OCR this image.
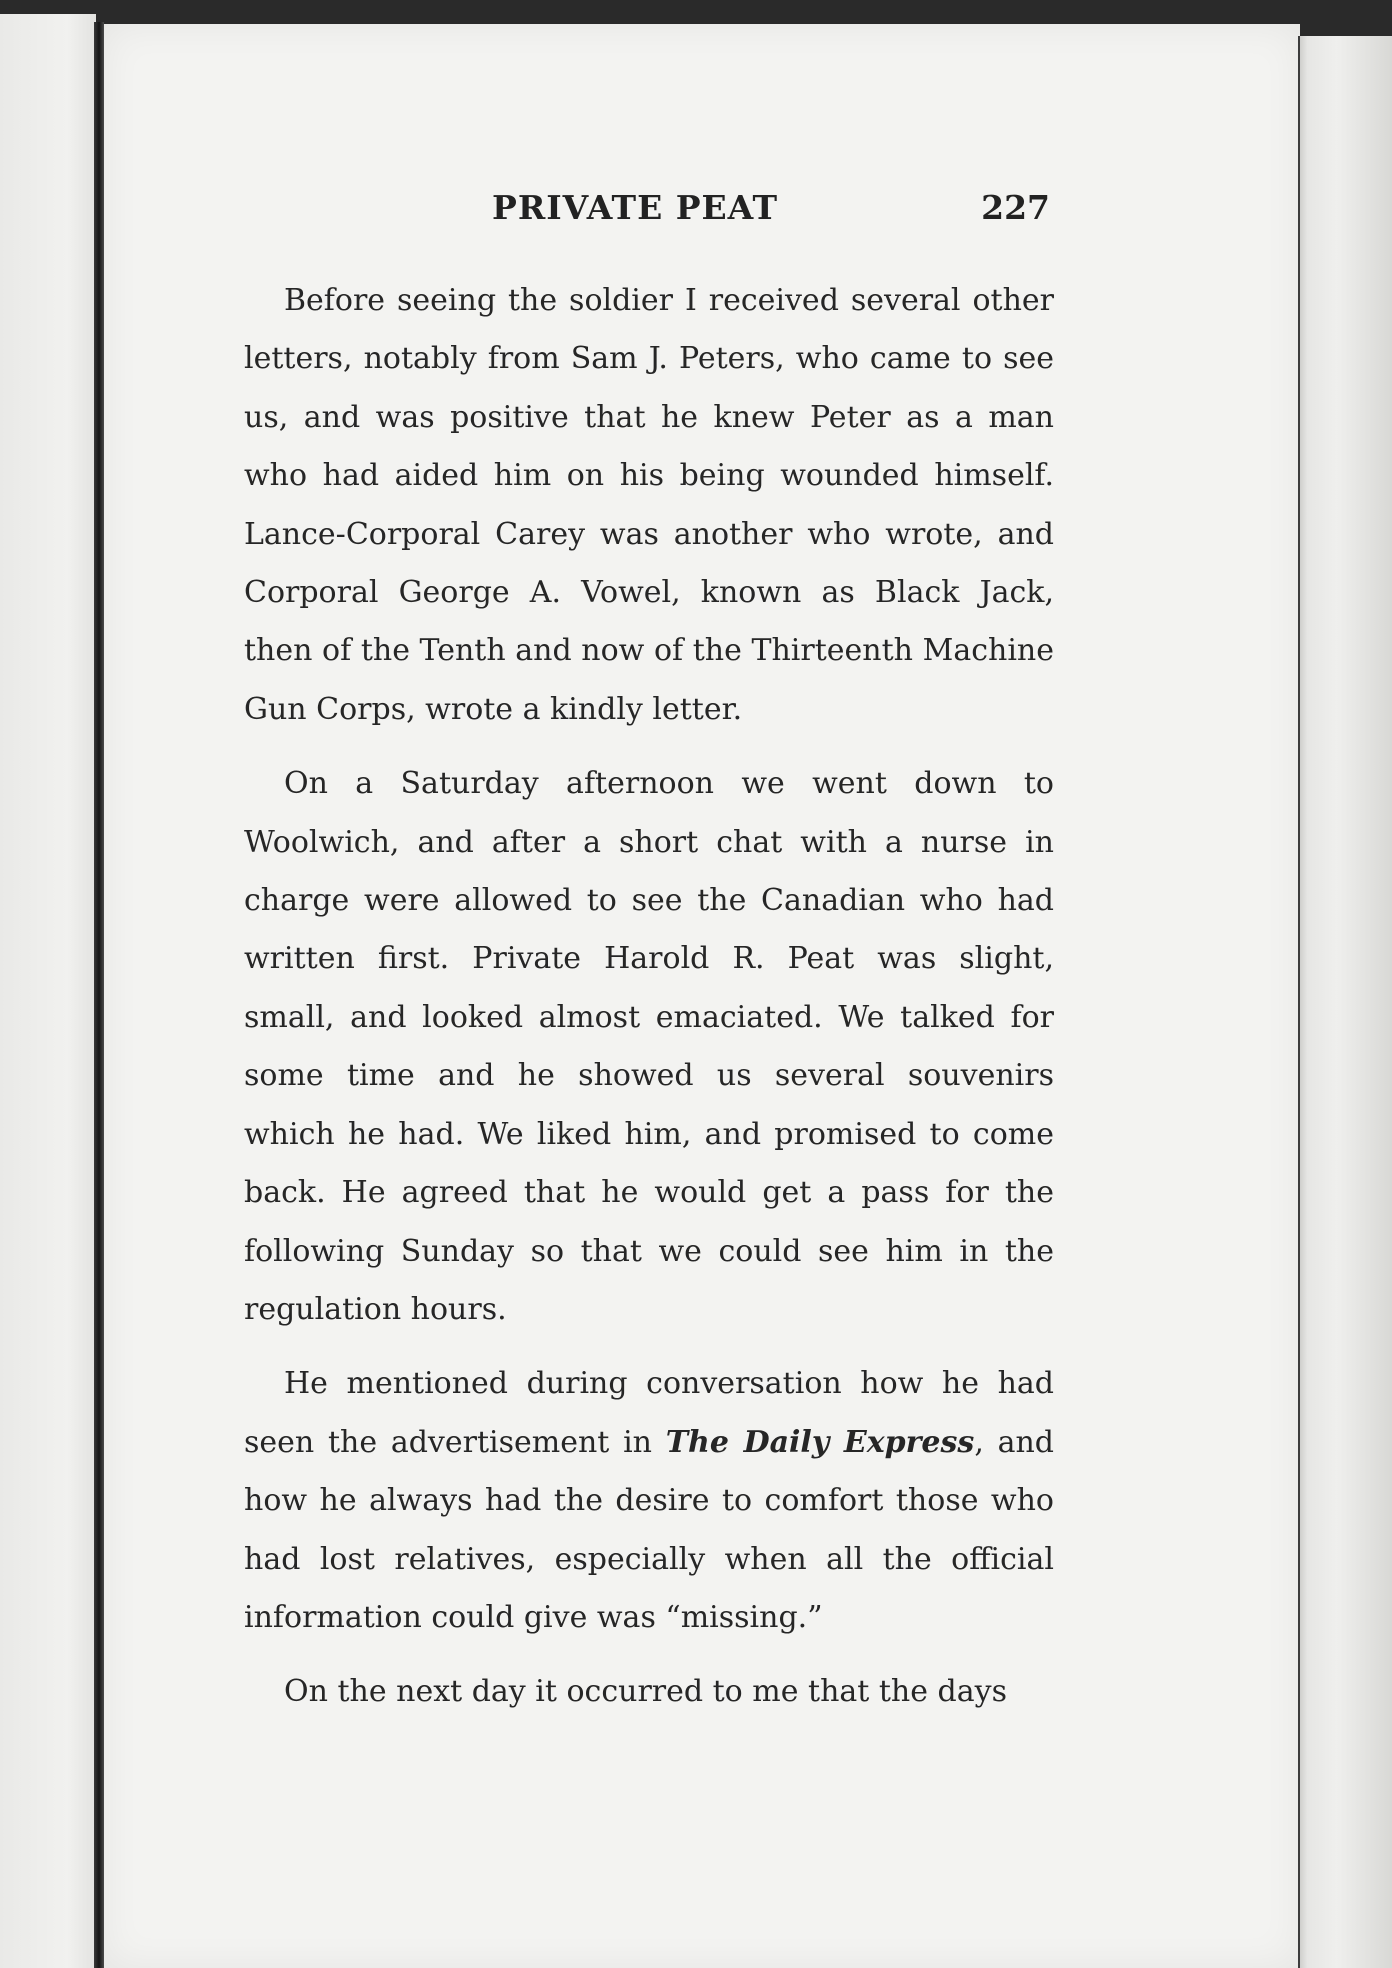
PRIVATE PEAT	227

Before seeing the soldier I received several other letters, notably from Sam J. Peters, who came to see us, and was positive that he knew Peter as a man who had aided him on his being wounded himself. Lance-Corporal Carey was another who wrote, and Corporal George A. Vowel, known as Black Jack, then of the Tenth and now of the Thirteenth Machine Gun Corps, wrote a kindly letter.

On a Saturday afternoon we went down to Woolwich, and after a short chat with a nurse in charge were allowed to see the Canadian who had written first. Private Harold R. Peat was slight, small, and looked almost emaciated. We talked for some time and he showed us several souvenirs which he had. We liked him, and promised to come back. He agreed that he would get a pass for the following Sunday so that we could see him in the regulation hours.

He mentioned during conversation how he had seen the advertisement in The Daily Express, and how he always had the desire to comfort those who had lost relatives, especially when all the official information could give was “missing.”

On the next day it occurred to me that the days
